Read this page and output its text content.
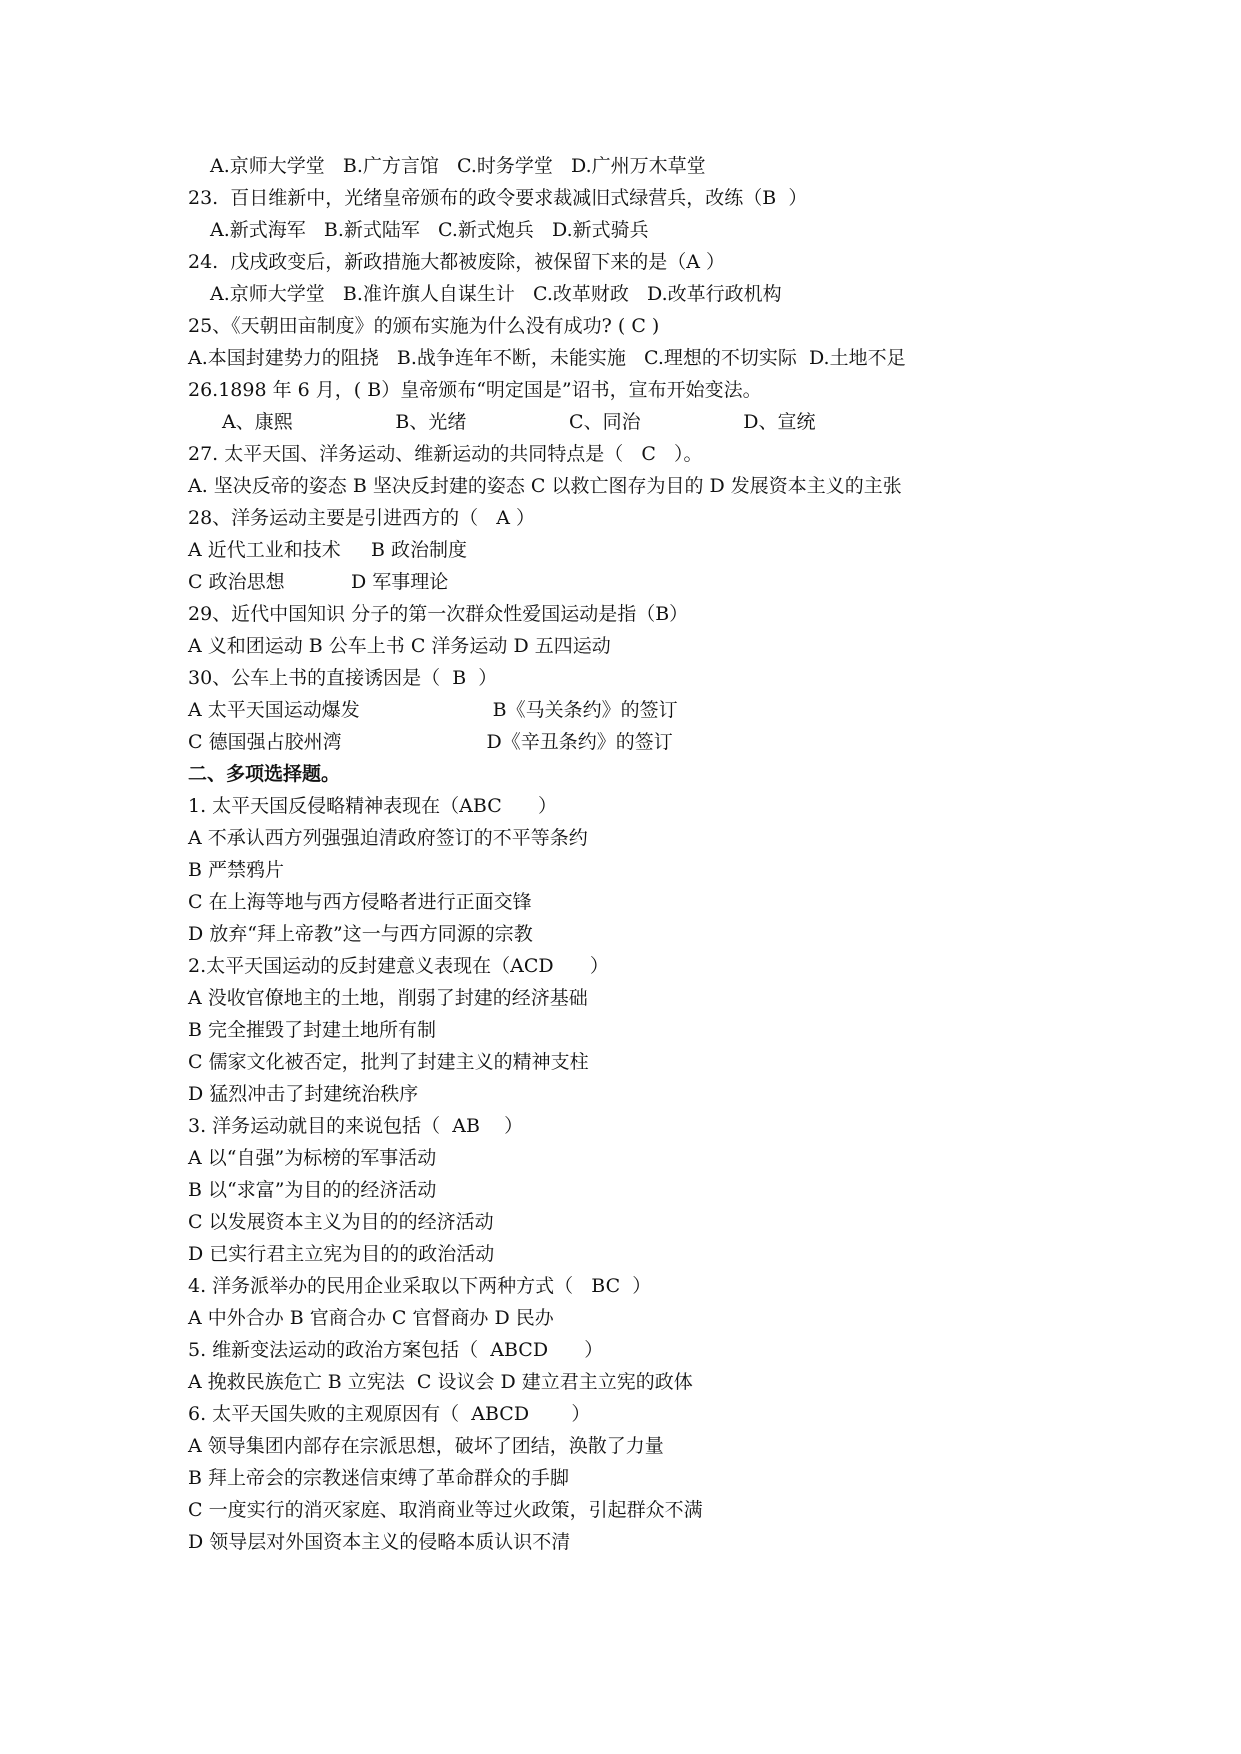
A.京师大学堂   B.广方言馆   C.时务学堂   D.广州万木草堂
23.  百日维新中，光绪皇帝颁布的政令要求裁减旧式绿营兵，改练（B  ）
A.新式海军   B.新式陆军   C.新式炮兵   D.新式骑兵
24.  戊戌政变后，新政措施大都被废除，被保留下来的是（A ）
A.京师大学堂   B.准许旗人自谋生计   C.改革财政   D.改革行政机构
25、《天朝田亩制度》的颁布实施为什么没有成功? ( C )
A.本国封建势力的阻挠   B.战争连年不断，未能实施   C.理想的不切实际  D.土地不足
26.1898 年 6 月，( B）皇帝颁布“明定国是”诏书，宣布开始变法。
A、康熙                 B、光绪                 C、同治                 D、宣统
27. 太平天国、洋务运动、维新运动的共同特点是（   C   ）。
A. 坚决反帝的姿态 B 坚决反封建的姿态 C 以救亡图存为目的 D 发展资本主义的主张
28、洋务运动主要是引进西方的（   A ）
A 近代工业和技术     B 政治制度
C 政治思想           D 军事理论
29、近代中国知识 分子的第一次群众性爱国运动是指（B）
A 义和团运动 B 公车上书 C 洋务运动 D 五四运动
30、公车上书的直接诱因是（  B  ）
A 太平天国运动爆发                      B《马关条约》的签订
C 德国强占胶州湾                        D《辛丑条约》的签订
二、多项选择题。
1. 太平天国反侵略精神表现在（ABC      ）
A 不承认西方列强强迫清政府签订的不平等条约
B 严禁鸦片
C 在上海等地与西方侵略者进行正面交锋
D 放弃“拜上帝教”这一与西方同源的宗教
2.太平天国运动的反封建意义表现在（ACD      ）
A 没收官僚地主的土地，削弱了封建的经济基础
B 完全摧毁了封建土地所有制
C 儒家文化被否定，批判了封建主义的精神支柱
D 猛烈冲击了封建统治秩序
3. 洋务运动就目的来说包括（  AB    ）
A 以“自强”为标榜的军事活动
B 以“求富”为目的的经济活动
C 以发展资本主义为目的的经济活动
D 已实行君主立宪为目的的政治活动
4. 洋务派举办的民用企业采取以下两种方式（   BC  ）
A 中外合办 B 官商合办 C 官督商办 D 民办
5. 维新变法运动的政治方案包括（  ABCD      ）
A 挽救民族危亡 B 立宪法  C 设议会 D 建立君主立宪的政体
6. 太平天国失败的主观原因有（  ABCD       ）
A 领导集团内部存在宗派思想，破坏了团结，涣散了力量
B 拜上帝会的宗教迷信束缚了革命群众的手脚
C 一度实行的消灭家庭、取消商业等过火政策，引起群众不满
D 领导层对外国资本主义的侵略本质认识不清
